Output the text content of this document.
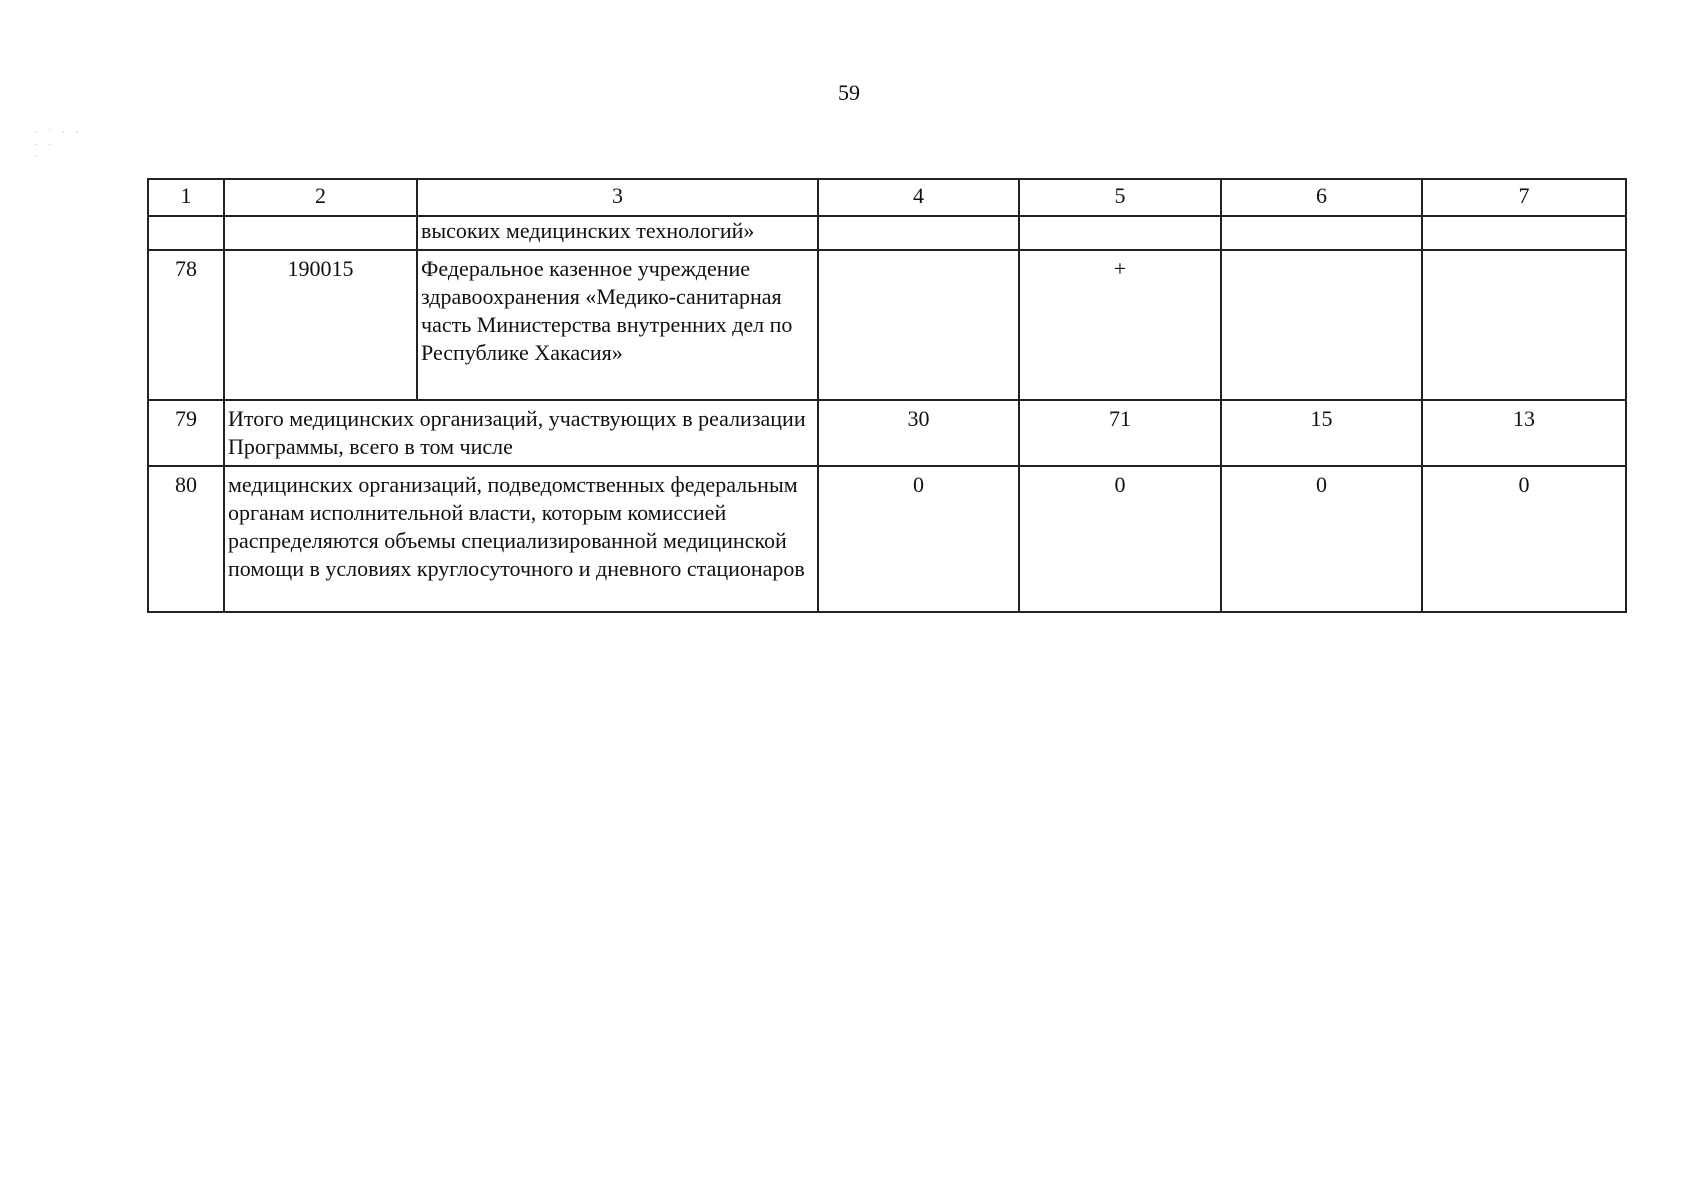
59
· ˙ · ·
· ·
·
1	2	3	4	5	6	7
		высоких медицинских технологий»				
78	190015	Федеральное казенное учреждение здравоохранения «Медико-санитарная часть Министерства внутренних дел по Республике Хакасия»		+		
79	Итого медицинских организаций, участвующих в реализации Программы, всего в том числе		30	71	15	13
80	медицинских организаций, подведомственных федеральным органам исполнительной власти, которым комиссией распределяются объемы специализированной медицинской помощи в условиях круглосуточного и дневного стационаров		0	0	0	0
